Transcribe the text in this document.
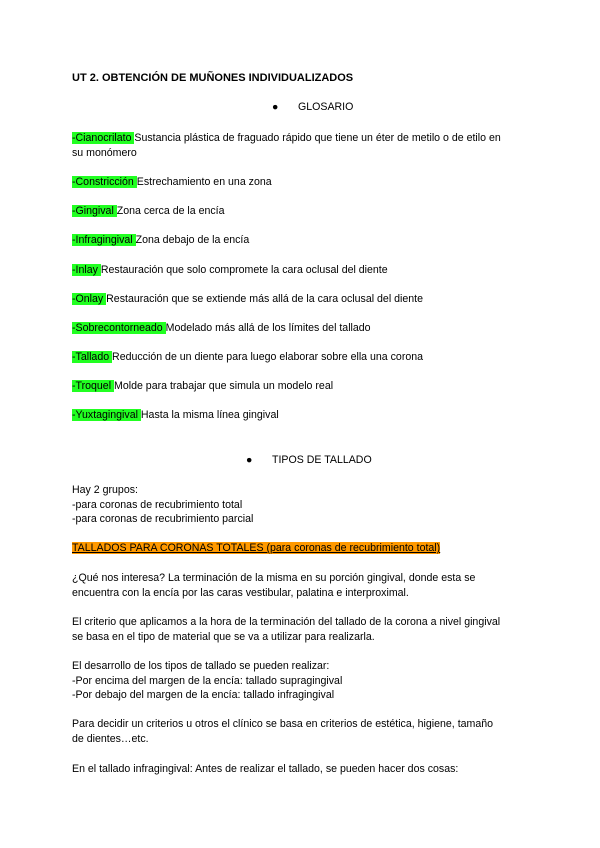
UT 2. OBTENCIÓN DE MUÑONES INDIVIDUALIZADOS
● GLOSARIO
-Cianocrilato Sustancia plástica de fraguado rápido que tiene un éter de metilo o de etilo en
su monómero
-Constricción Estrechamiento en una zona
-Gingival Zona cerca de la encía
-Infragingival Zona debajo de la encía
-Inlay Restauración que solo compromete la cara oclusal del diente
-Onlay Restauración que se extiende más allá de la cara oclusal del diente
-Sobrecontorneado Modelado más allá de los límites del tallado
-Tallado Reducción de un diente para luego elaborar sobre ella una corona
-Troquel Molde para trabajar que simula un modelo real
-Yuxtagingival Hasta la misma línea gingival
● TIPOS DE TALLADO
Hay 2 grupos:
-para coronas de recubrimiento total
-para coronas de recubrimiento parcial
TALLADOS PARA CORONAS TOTALES (para coronas de recubrimiento total)
¿Qué nos interesa? La terminación de la misma en su porción gingival, donde esta se
encuentra con la encía por las caras vestibular, palatina e interproximal.
El criterio que aplicamos a la hora de la terminación del tallado de la corona a nivel gingival
se basa en el tipo de material que se va a utilizar para realizarla.
El desarrollo de los tipos de tallado se pueden realizar:
-Por encima del margen de la encía: tallado supragingival
-Por debajo del margen de la encía: tallado infragingival
Para decidir un criterios u otros el clínico se basa en criterios de estética, higiene, tamaño
de dientes…etc.
En el tallado infragingival: Antes de realizar el tallado, se pueden hacer dos cosas:
